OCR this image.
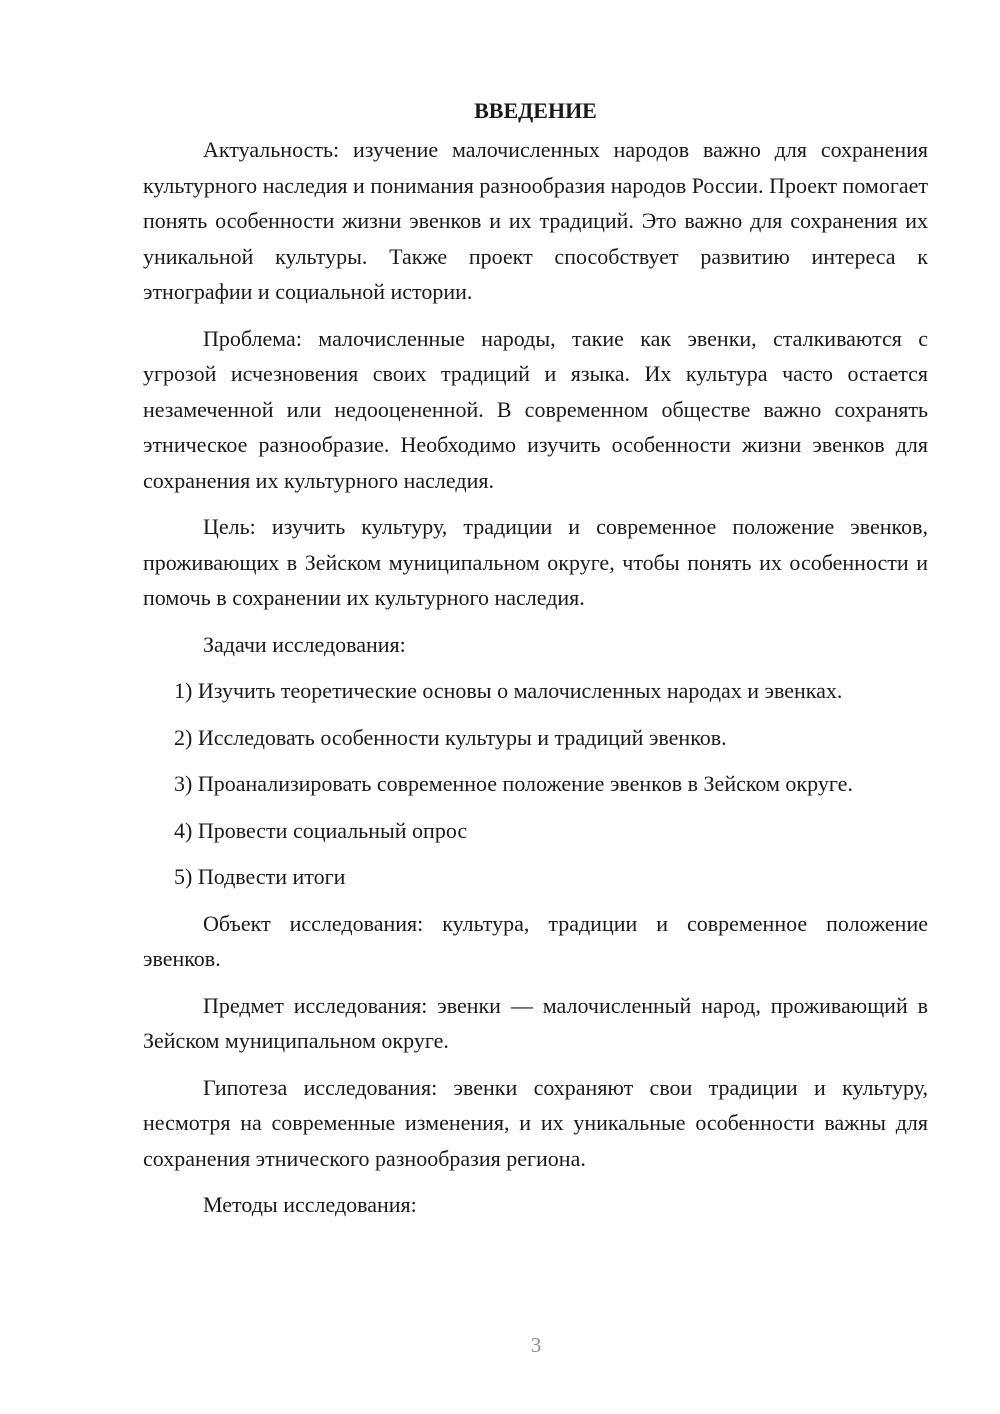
ВВЕДЕНИЕ

Актуальность: изучение малочисленных народов важно для сохранения культурного наследия и понимания разнообразия народов России. Проект помогает понять особенности жизни эвенков и их традиций. Это важно для сохранения их уникальной культуры. Также проект способствует развитию интереса к этнографии и социальной истории.

Проблема: малочисленные народы, такие как эвенки, сталкиваются с угрозой исчезновения своих традиций и языка. Их культура часто остается незамеченной или недооцененной. В современном обществе важно сохранять этническое разнообразие. Необходимо изучить особенности жизни эвенков для сохранения их культурного наследия.

Цель: изучить культуру, традиции и современное положение эвенков, проживающих в Зейском муниципальном округе, чтобы понять их особенности и помочь в сохранении их культурного наследия.

Задачи исследования:

1) Изучить теоретические основы о малочисленных народах и эвенках.

2) Исследовать особенности культуры и традиций эвенков.

3) Проанализировать современное положение эвенков в Зейском округе.

4) Провести социальный опрос

5) Подвести итоги

Объект исследования: культура, традиции и современное положение эвенков.

Предмет исследования: эвенки — малочисленный народ, проживающий в Зейском муниципальном округе.

Гипотеза исследования: эвенки сохраняют свои традиции и культуру, несмотря на современные изменения, и их уникальные особенности важны для сохранения этнического разнообразия региона.

Методы исследования:

3
